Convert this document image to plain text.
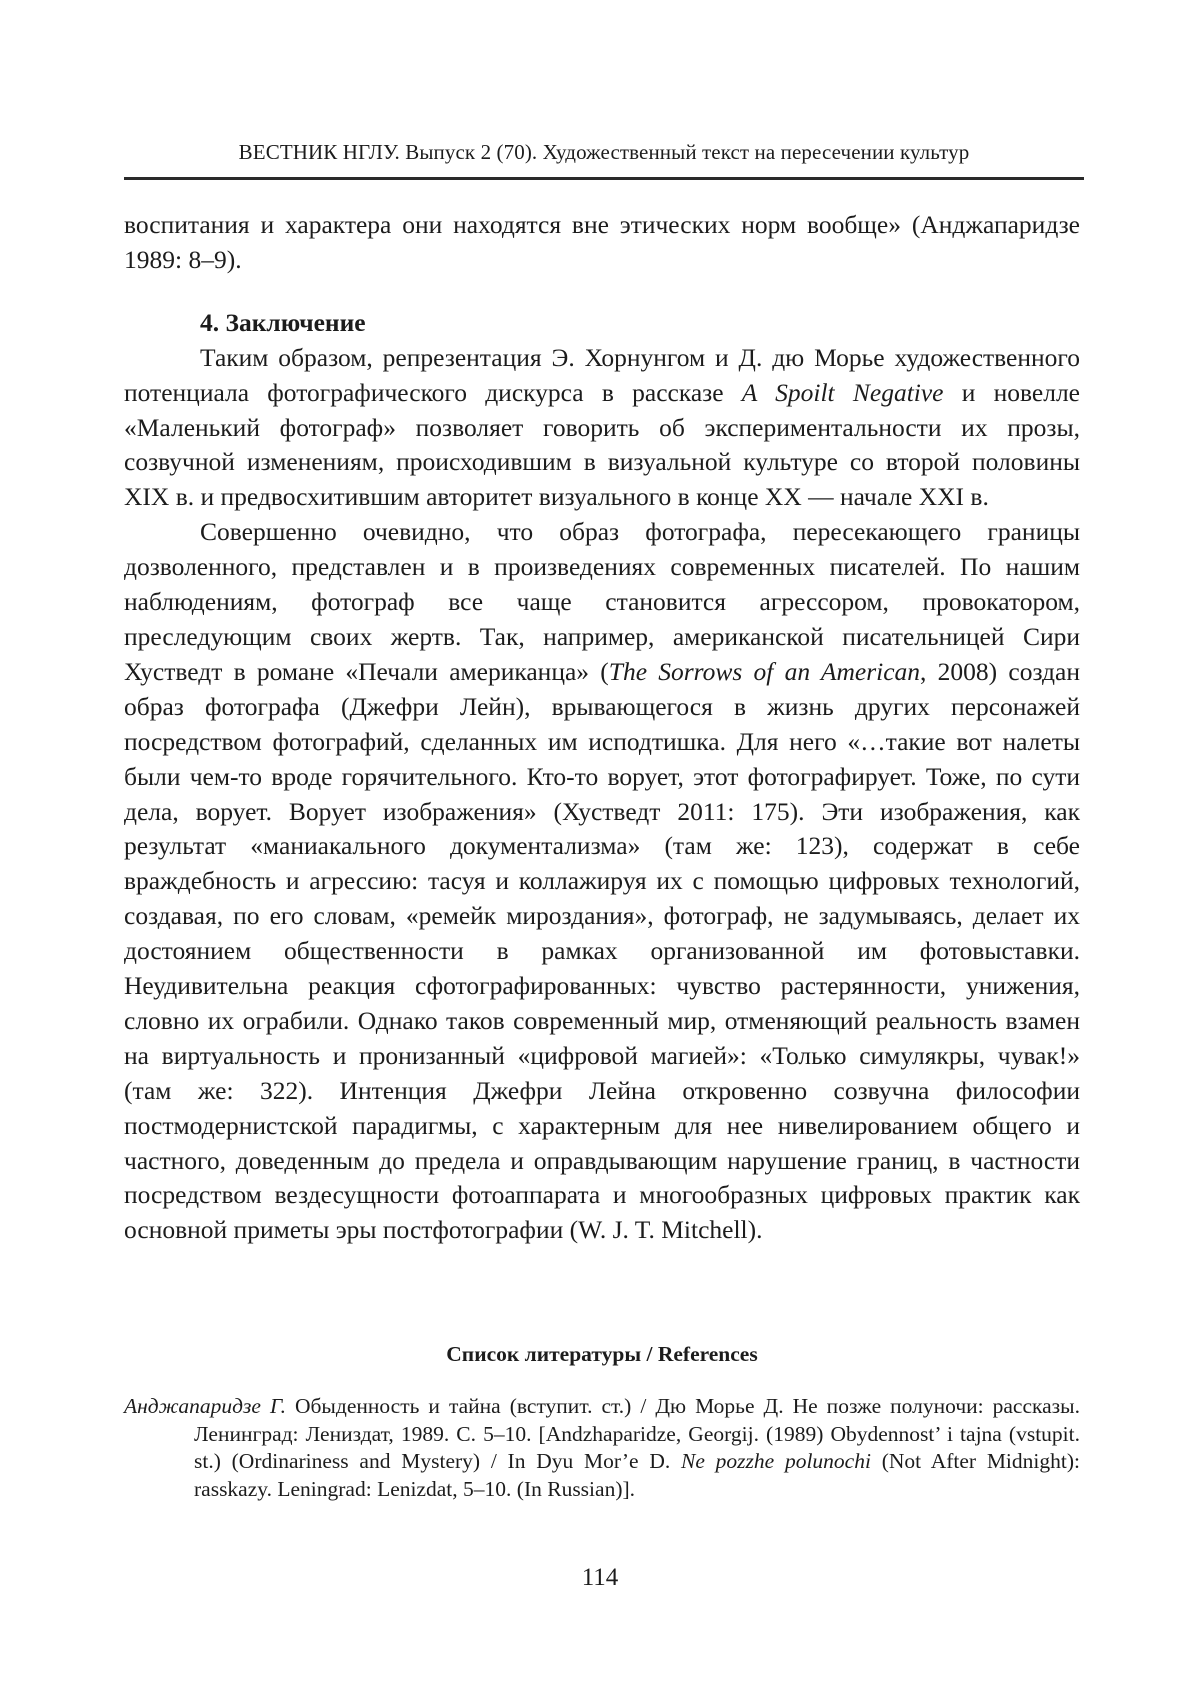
ВЕСТНИК НГЛУ. Выпуск 2 (70). Художественный текст на пересечении культур

воспитания и характера они находятся вне этических норм вообще» (Анджапаридзе 1989: 8–9).

4. Заключение

Таким образом, репрезентация Э. Хорнунгом и Д. дю Морье художественного потенциала фотографического дискурса в рассказе A Spoilt Negative и новелле «Маленький фотограф» позволяет говорить об экспериментальности их прозы, созвучной изменениям, происходившим в визуальной культуре со второй половины XIX в. и предвосхитившим авторитет визуального в конце XX — начале XXI в.

Совершенно очевидно, что образ фотографа, пересекающего границы дозволенного, представлен и в произведениях современных писателей. По нашим наблюдениям, фотограф все чаще становится агрессором, провокатором, преследующим своих жертв. Так, например, американской писательницей Сири Хустведт в романе «Печали американца» (The Sorrows of an American, 2008) создан образ фотографа (Джефри Лейн), врывающегося в жизнь других персонажей посредством фотографий, сделанных им исподтишка. Для него «…такие вот налеты были чем-то вроде горячительного. Кто-то ворует, этот фотографирует. Тоже, по сути дела, ворует. Ворует изображения» (Хустведт 2011: 175). Эти изображения, как результат «маниакального документализма» (там же: 123), содержат в себе враждебность и агрессию: тасуя и коллажируя их с помощью цифровых технологий, создавая, по его словам, «ремейк мироздания», фотограф, не задумываясь, делает их достоянием общественности в рамках организованной им фотовыставки. Неудивительна реакция сфотографированных: чувство растерянности, унижения, словно их ограбили. Однако таков современный мир, отменяющий реальность взамен на виртуальность и пронизанный «цифровой магией»: «Только симулякры, чувак!» (там же: 322). Интенция Джефри Лейна откровенно созвучна философии постмодернистской парадигмы, с характерным для нее нивелированием общего и частного, доведенным до предела и оправдывающим нарушение границ, в частности посредством вездесущности фотоаппарата и многообразных цифровых практик как основной приметы эры постфотографии (W. J. T. Mitchell).

Список литературы / References
Анджапаридзе Г. Обыденность и тайна (вступит. ст.) / Дю Морье Д. Не позже полуночи: рассказы. Ленинград: Лениздат, 1989. С. 5–10. [Andzhaparidze, Georgij. (1989) Obydennost’ i tajna (vstupit. st.) (Ordinariness and Mystery) / In Dyu Mor’e D. Ne pozzhe polunochi (Not After Midnight): rasskazy. Leningrad: Lenizdat, 5–10. (In Russian)].
114
